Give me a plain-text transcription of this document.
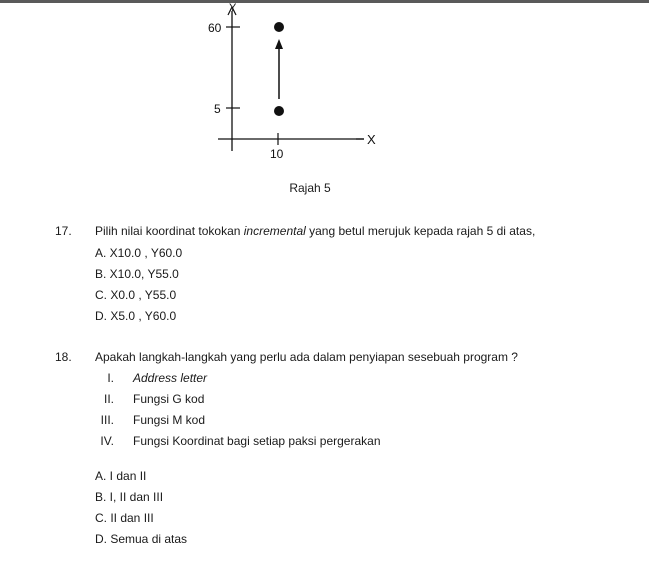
Y
60
5
10
X
Rajah 5
17. Pilih nilai koordinat tokokan incremental yang betul merujuk kepada rajah 5 di atas,
A. X10.0 , Y60.0
B. X10.0, Y55.0
C. X0.0 , Y55.0
D. X5.0 , Y60.0
18. Apakah langkah-langkah yang perlu ada dalam penyiapan sesebuah program ?
I. Address letter
II. Fungsi G kod
III. Fungsi M kod
IV. Fungsi Koordinat bagi setiap paksi pergerakan
A. I dan II
B. I, II dan III
C. II dan III
D. Semua di atas
